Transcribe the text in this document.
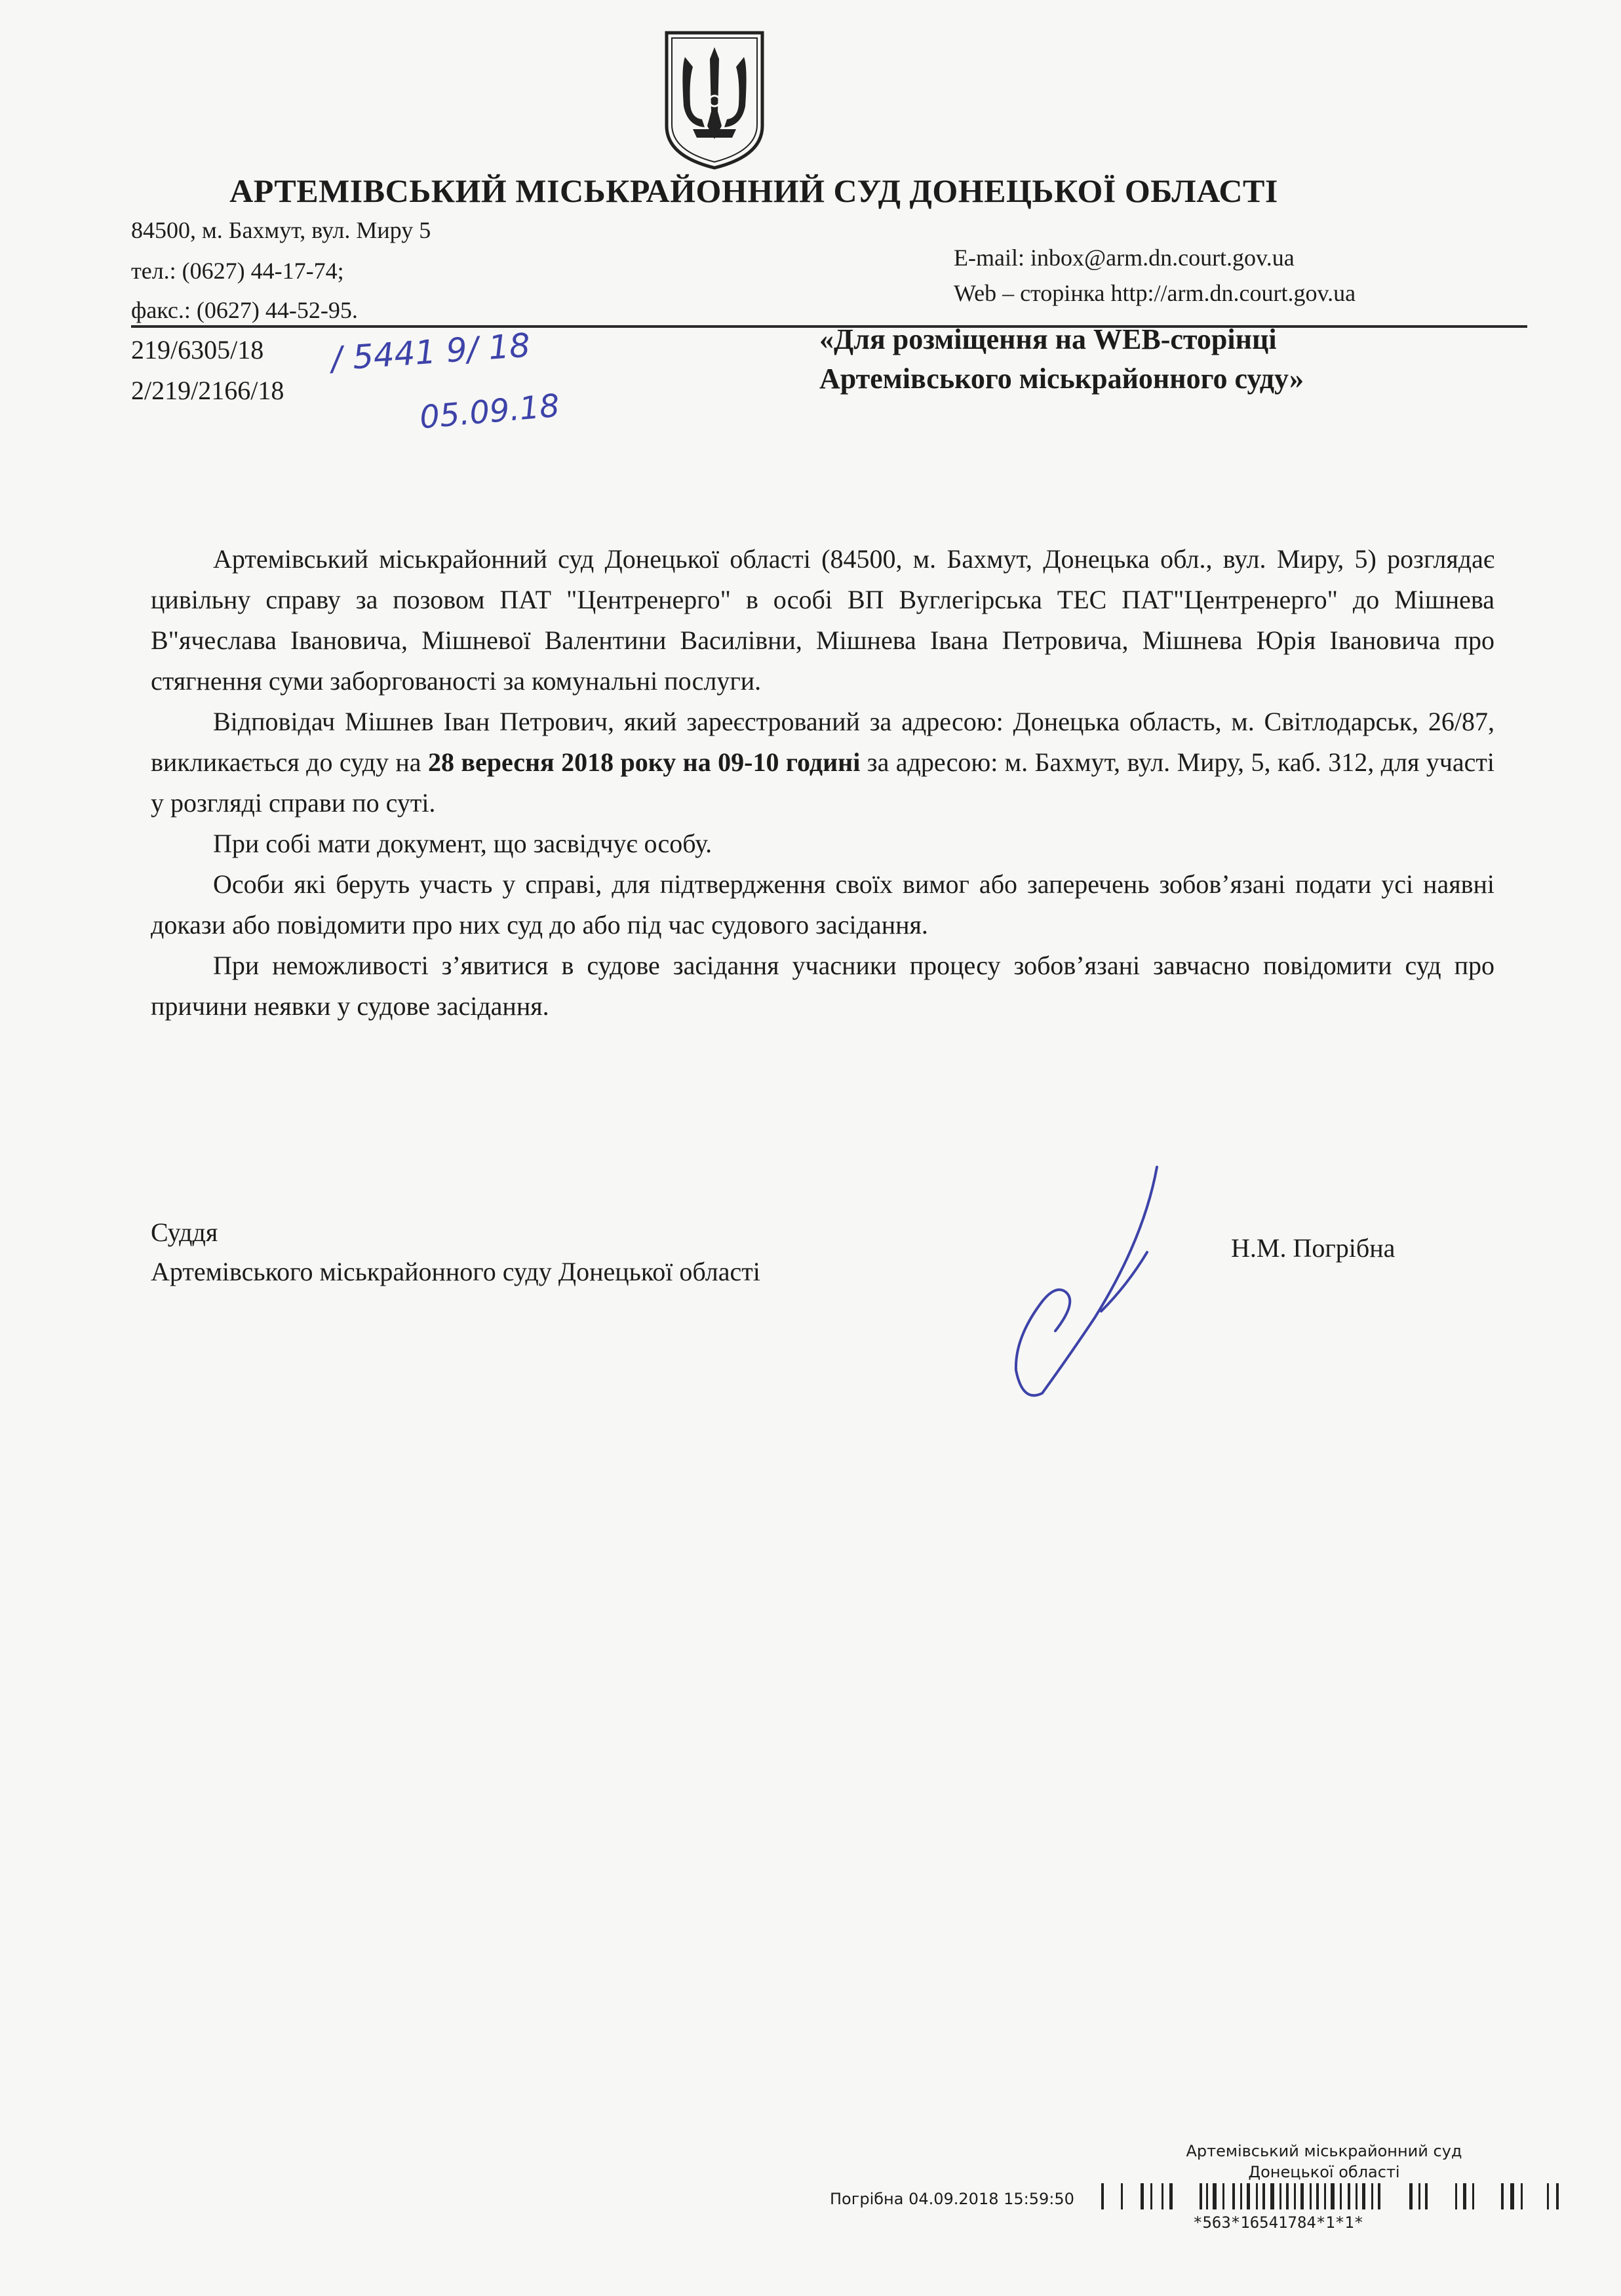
АРТЕМІВСЬКИЙ МІСЬКРАЙОННИЙ СУД ДОНЕЦЬКОЇ ОБЛАСТІ
84500, м. Бахмут, вул. Миру 5
тел.: (0627) 44-17-74;
факс.: (0627) 44-52-95.
E-mail: inbox@arm.dn.court.gov.ua
Web – сторінка http://arm.dn.court.gov.ua
219/6305/18
2/219/2166/18
/ 5441 9/ 18
05.09.18
«Для розміщення на WEB-сторінці
Артемівського міськрайонного суду»

Артемівський міськрайонний суд Донецької області (84500, м. Бахмут, Донецька обл., вул. Миру, 5) розглядає цивільну справу за позовом ПАТ "Центренерго" в особі ВП Вуглегірська ТЕС ПАТ"Центренерго" до Мішнева В"ячеслава Івановича, Мішневої Валентини Василівни, Мішнева Івана Петровича, Мішнева Юрія Івановича про стягнення суми заборгованості за комунальні послуги.

Відповідач Мішнев Іван Петрович, який зареєстрований за адресою: Донецька область, м. Світлодарськ, 26/87, викликається до суду на 28 вересня 2018 року на 09-10 годині за адресою: м. Бахмут, вул. Миру, 5, каб. 312, для участі у розгляді справи по суті.

При собі мати документ, що засвідчує особу.

Особи які беруть участь у справі, для підтвердження своїх вимог або заперечень зобов’язані подати усі наявні докази або повідомити про них суд до або під час судового засідання.

При неможливості з’явитися в судове засідання учасники процесу зобов’язані завчасно повідомити суд про причини неявки у судове засідання.

Суддя
Артемівського міськрайонного суду Донецької області
Н.М. Погрібна
Артемівський міськрайонний суд
Донецької області
Погрібна 04.09.2018 15:59:50
*563*16541784*1*1*
